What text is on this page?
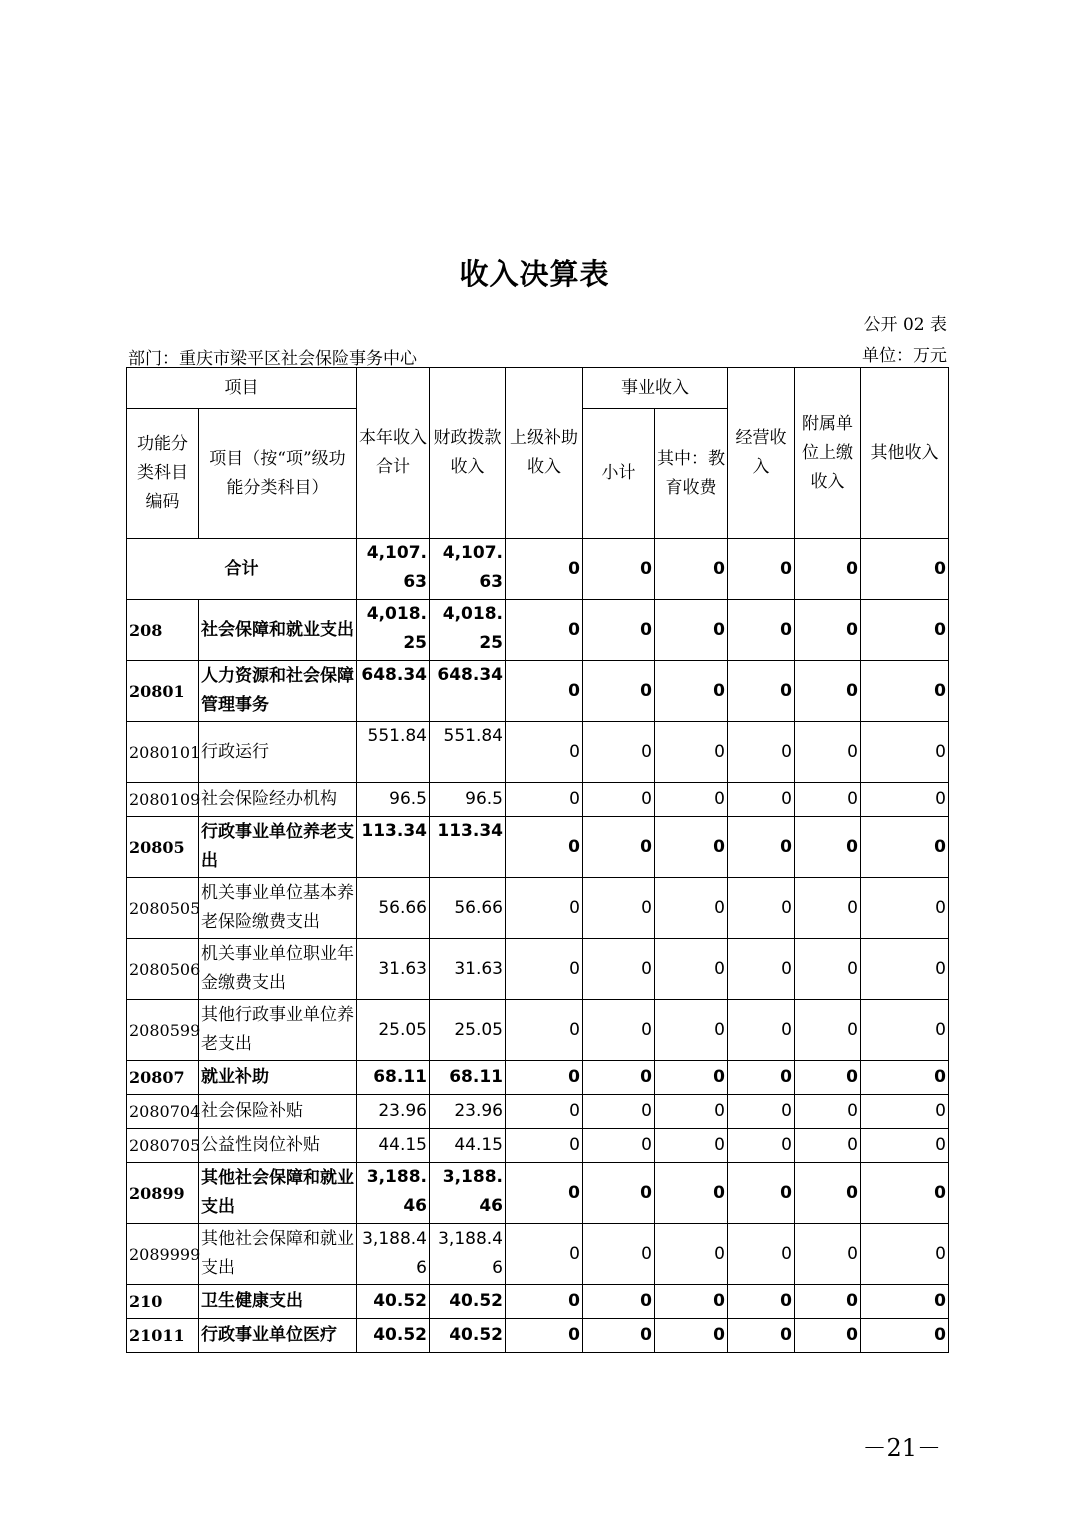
收入决算表
公开 02 表
部门：重庆市梁平区社会保险事务中心	单位：万元
项目		本年收入合计	财政拨款收入	上级补助收入	事业收入		经营收入	附属单位上缴收入	其他收入
功能分类科目编码	项目（按“项”级功能分类科目）				小计	其中：教育收费			
合计		4,107.63	4,107.63	0	0	0	0	0	0
208	社会保障和就业支出	4,018.25	4,018.25	0	0	0	0	0	0
20801	人力资源和社会保障管理事务	648.34	648.34	0	0	0	0	0	0
2080101	行政运行	551.84	551.84	0	0	0	0	0	0
2080109	社会保险经办机构	96.5	96.5	0	0	0	0	0	0
20805	行政事业单位养老支出	113.34	113.34	0	0	0	0	0	0
2080505	机关事业单位基本养老保险缴费支出	56.66	56.66	0	0	0	0	0	0
2080506	机关事业单位职业年金缴费支出	31.63	31.63	0	0	0	0	0	0
2080599	其他行政事业单位养老支出	25.05	25.05	0	0	0	0	0	0
20807	就业补助	68.11	68.11	0	0	0	0	0	0
2080704	社会保险补贴	23.96	23.96	0	0	0	0	0	0
2080705	公益性岗位补贴	44.15	44.15	0	0	0	0	0	0
20899	其他社会保障和就业支出	3,188.46	3,188.46	0	0	0	0	0	0
2089999	其他社会保障和就业支出	3,188.46	3,188.46	0	0	0	0	0	0
210	卫生健康支出	40.52	40.52	0	0	0	0	0	0
21011	行政事业单位医疗	40.52	40.52	0	0	0	0	0	0
－21－
